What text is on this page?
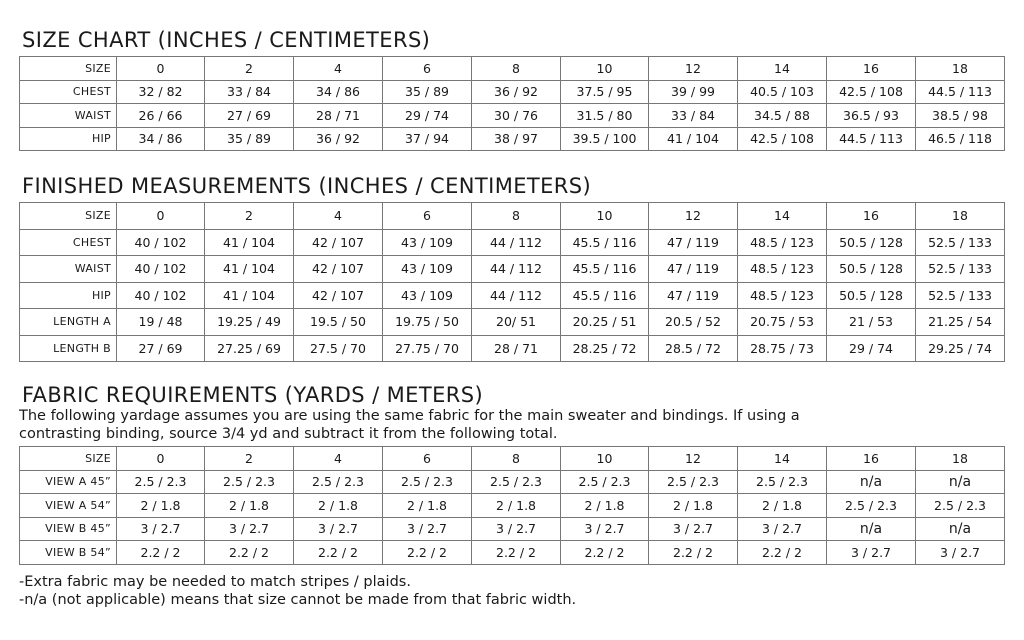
SIZE CHART (INCHES / CENTIMETERS)
SIZE	0	2	4	6	8	10	12	14	16	18
CHEST	32 / 82	33 / 84	34 / 86	35 / 89	36 / 92	37.5 / 95	39 / 99	40.5 / 103	42.5 / 108	44.5 / 113
WAIST	26 / 66	27 / 69	28 / 71	29 / 74	30 / 76	31.5 / 80	33 / 84	34.5 / 88	36.5 / 93	38.5 / 98
HIP	34 / 86	35 / 89	36 / 92	37 / 94	38 / 97	39.5 / 100	41 / 104	42.5 / 108	44.5 / 113	46.5 / 118
FINISHED MEASUREMENTS (INCHES / CENTIMETERS)
SIZE	0	2	4	6	8	10	12	14	16	18
CHEST	40 / 102	41 / 104	42 / 107	43 / 109	44 / 112	45.5 / 116	47 / 119	48.5 / 123	50.5 / 128	52.5 / 133
WAIST	40 / 102	41 / 104	42 / 107	43 / 109	44 / 112	45.5 / 116	47 / 119	48.5 / 123	50.5 / 128	52.5 / 133
HIP	40 / 102	41 / 104	42 / 107	43 / 109	44 / 112	45.5 / 116	47 / 119	48.5 / 123	50.5 / 128	52.5 / 133
LENGTH A	19 / 48	19.25 / 49	19.5 / 50	19.75 / 50	20/ 51	20.25 / 51	20.5 / 52	20.75 / 53	21 / 53	21.25 / 54
LENGTH B	27 / 69	27.25 / 69	27.5 / 70	27.75 / 70	28 / 71	28.25 / 72	28.5 / 72	28.75 / 73	29 / 74	29.25 / 74
FABRIC REQUIREMENTS (YARDS / METERS)

The following yardage assumes you are using the same fabric for the main sweater and bindings. If using a

contrasting binding, source 3/4 yd and subtract it from the following total.

SIZE	0	2	4	6	8	10	12	14	16	18
VIEW A 45”	2.5 / 2.3	2.5 / 2.3	2.5 / 2.3	2.5 / 2.3	2.5 / 2.3	2.5 / 2.3	2.5 / 2.3	2.5 / 2.3	n/a	n/a
VIEW A 54”	2 / 1.8	2 / 1.8	2 / 1.8	2 / 1.8	2 / 1.8	2 / 1.8	2 / 1.8	2 / 1.8	2.5 / 2.3	2.5 / 2.3
VIEW B 45”	3 / 2.7	3 / 2.7	3 / 2.7	3 / 2.7	3 / 2.7	3 / 2.7	3 / 2.7	3 / 2.7	n/a	n/a
VIEW B 54”	2.2 / 2	2.2 / 2	2.2 / 2	2.2 / 2	2.2 / 2	2.2 / 2	2.2 / 2	2.2 / 2	3 / 2.7	3 / 2.7

-Extra fabric may be needed to match stripes / plaids.

-n/a (not applicable) means that size cannot be made from that fabric width.
